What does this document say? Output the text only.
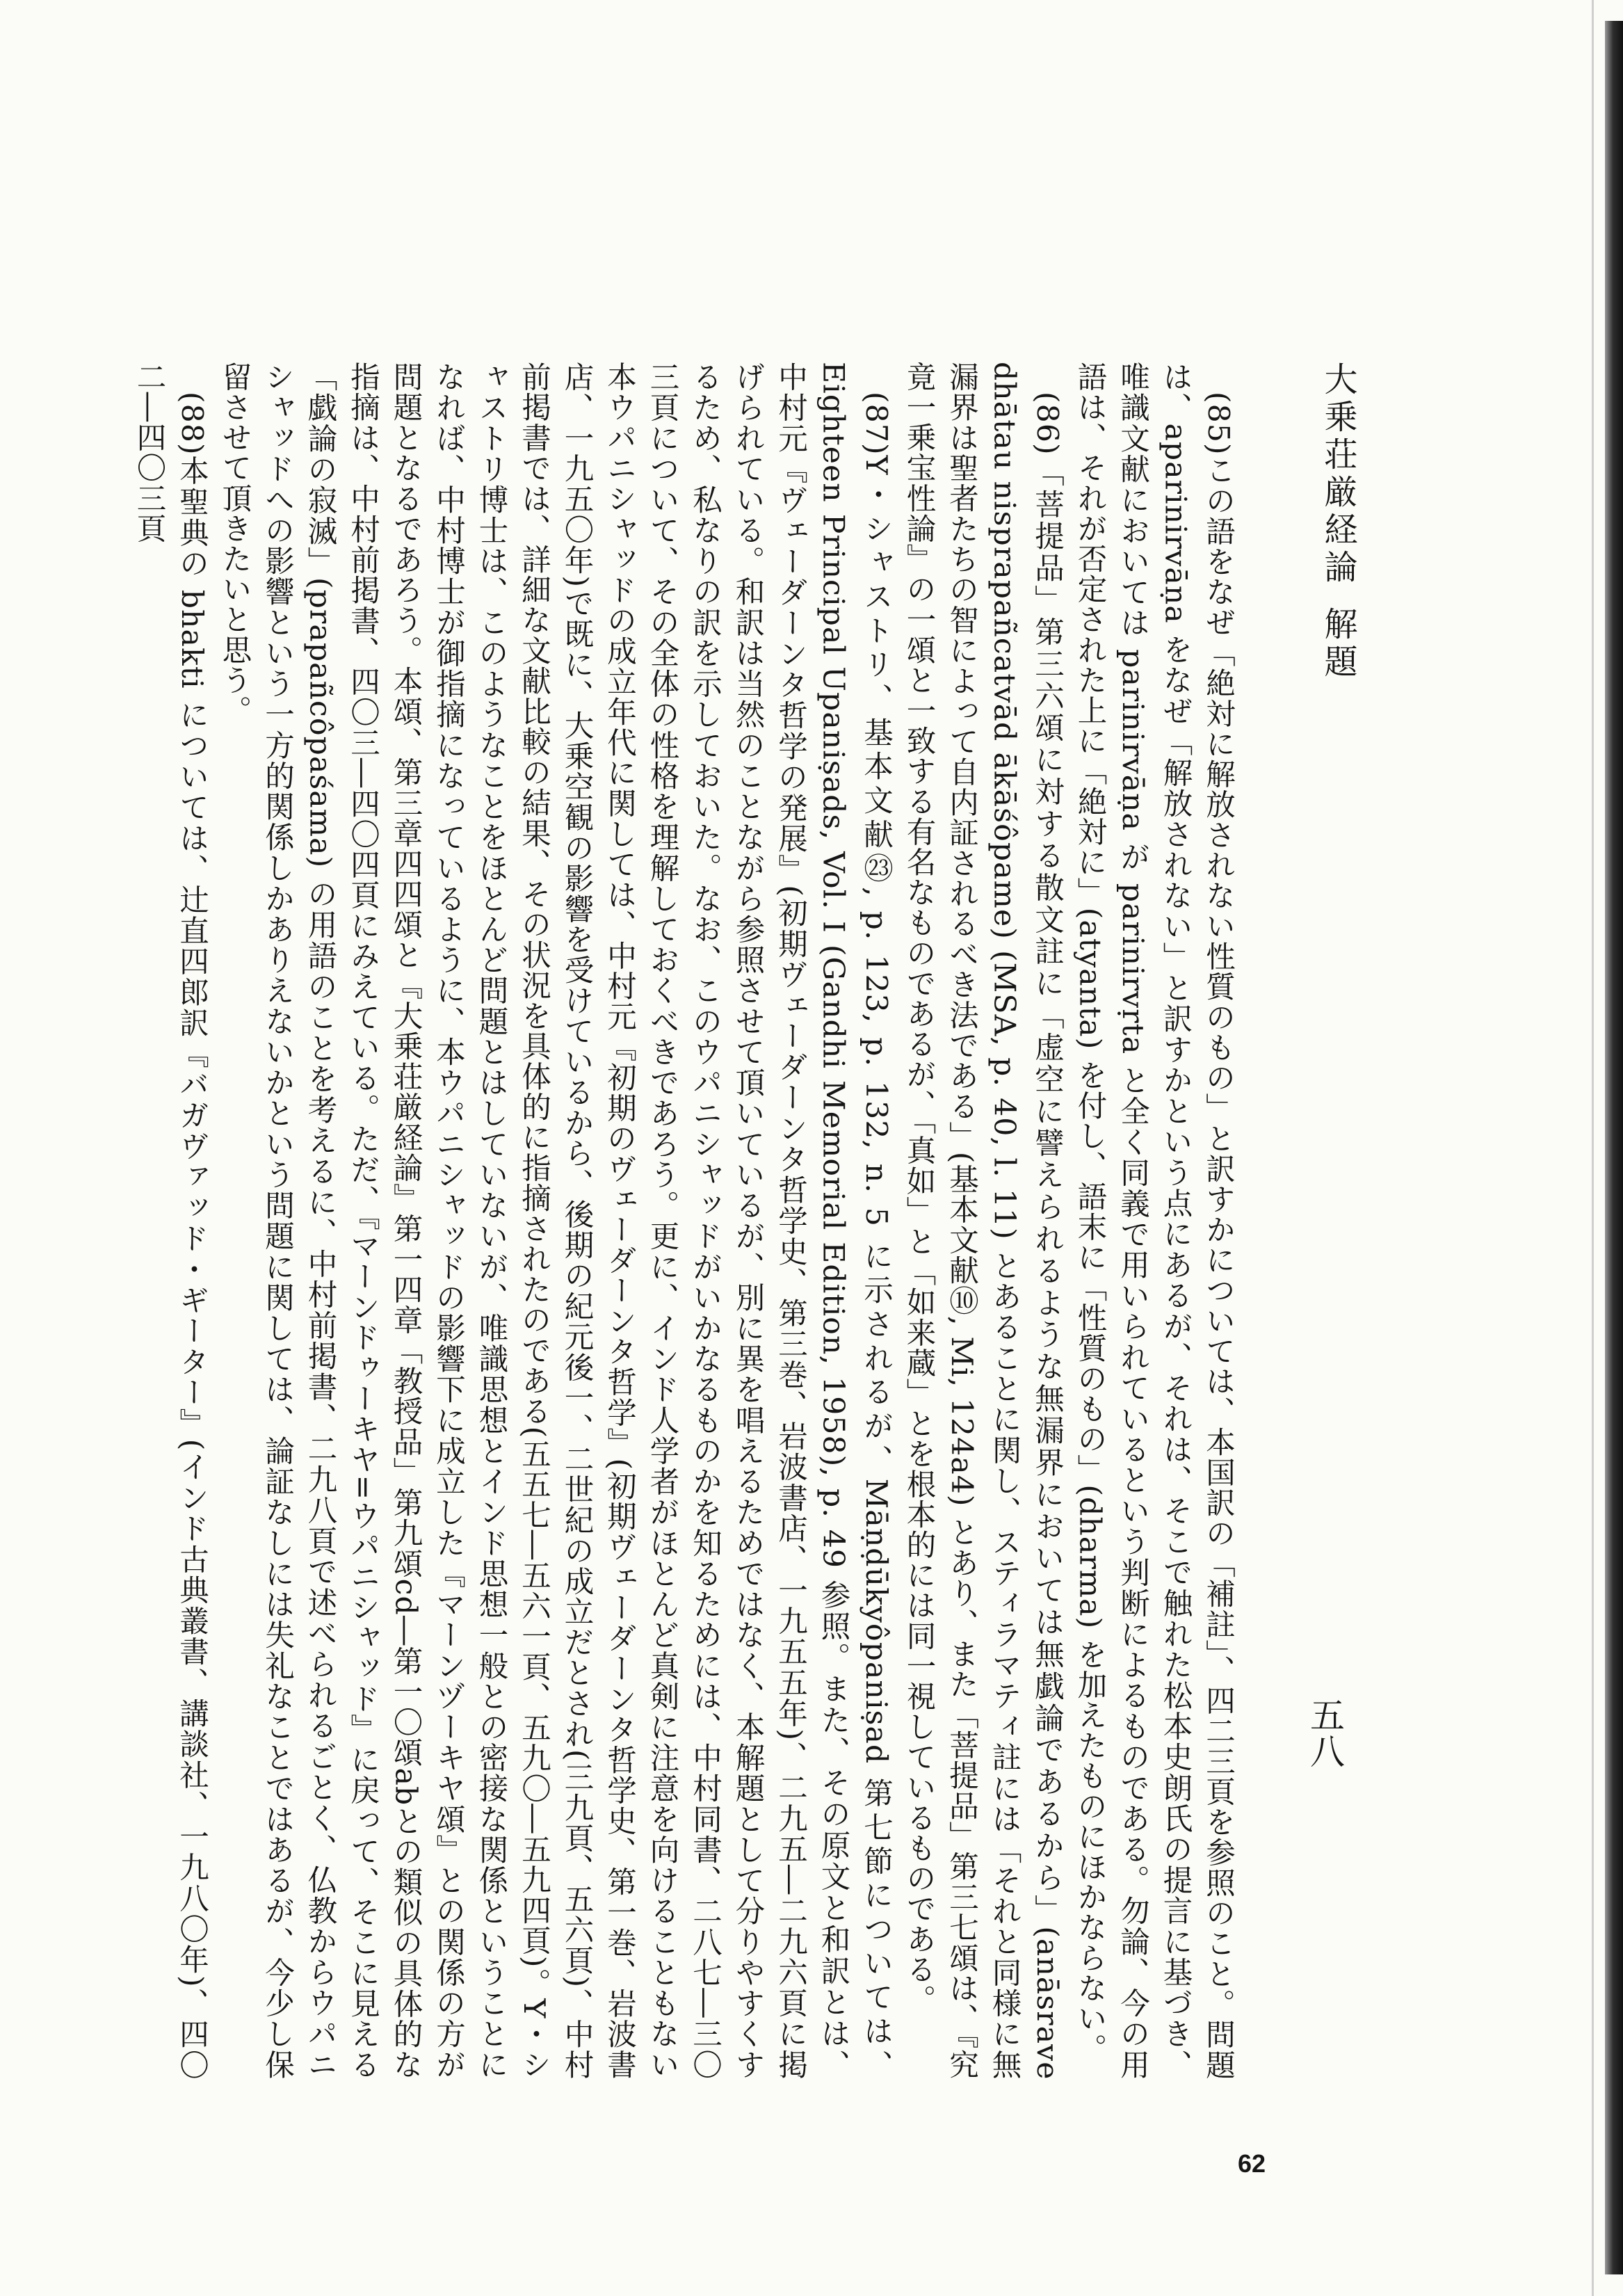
大乗荘厳経論解題
五八

(85)この語をなぜ「絶対に解放されない性質のもの」と訳すかについては、本国訳の「補註」、四二三頁を参照のこと。問題は、aparinirvāṇa をなぜ「解放されない」と訳すかという点にあるが、それは、そこで触れた松本史朗氏の提言に基づき、唯識文献においては parinirvāṇa が parinirvṛta と全く同義で用いられているという判断によるものである。勿論、今の用語は、それが否定された上に「絶対に」(atyanta) を付し、語末に「性質のもの」(dharma) を加えたものにほかならない。

(86)「菩提品」第三六頌に対する散文註に「虚空に譬えられるような無漏界においては無戯論であるから」(anāsrave dhātau nisprapañcatvād ākāśôpame) (MSA, p. 40, l. 11) とあることに関し、スティラマティ註には「それと同様に無漏界は聖者たちの智によって自内証されるべき法である」(基本文献⑩, Mi, 124a4) とあり、また「菩提品」第三七頌は、『究竟一乗宝性論』の一頌と一致する有名なものであるが、「真如」と「如来蔵」とを根本的には同一視しているものである。

(87)Y・シャストリ、基本文献㉓, p. 123, p. 132, n. 5 に示されるが、Māṇḍūkyôpaniṣad 第七節については、Eighteen Principal Upaniṣads, Vol. I (Gandhi Memorial Edition, 1958), p. 49 参照。また、その原文と和訳とは、中村元『ヴェーダーンタ哲学の発展』(初期ヴェーダーンタ哲学史、第三巻、岩波書店、一九五五年)、二九五―二九六頁に掲げられている。和訳は当然のことながら参照させて頂いているが、別に異を唱えるためではなく、本解題として分りやすくするため、私なりの訳を示しておいた。なお、このウパニシャッドがいかなるものかを知るためには、中村同書、二八七―三〇三頁について、その全体の性格を理解しておくべきであろう。更に、インド人学者がほとんど真剣に注意を向けることもない本ウパニシャッドの成立年代に関しては、中村元『初期のヴェーダーンタ哲学』(初期ヴェーダーンタ哲学史、第一巻、岩波書店、一九五〇年)で既に、大乗空観の影響を受けているから、後期の紀元後一、二世紀の成立だとされ(三九頁、五六頁)、中村前掲書では、詳細な文献比較の結果、その状況を具体的に指摘されたのである(五五七―五六一頁、五九〇―五九四頁)。Y・シャストリ博士は、このようなことをほとんど問題とはしていないが、唯識思想とインド思想一般との密接な関係ということになれば、中村博士が御指摘になっているように、本ウパニシャッドの影響下に成立した『マーンヅーキヤ頌』との関係の方が問題となるであろう。本頌、第三章四四頌と『大乗荘厳経論』第一四章「教授品」第九頌cd―第一〇頌abとの類似の具体的な指摘は、中村前掲書、四〇三―四〇四頁にみえている。ただ、『マーンドゥーキヤ=ウパニシャッド』に戻って、そこに見える「戯論の寂滅」(prapañcôpaśama) の用語のことを考えるに、中村前掲書、二九八頁で述べられるごとく、仏教からウパニシャッドへの影響という一方的関係しかありえないかという問題に関しては、論証なしには失礼なことではあるが、今少し保留させて頂きたいと思う。

(88)本聖典の bhakti については、辻直四郎訳『バガヴァッド・ギーター』(インド古典叢書、講談社、一九八〇年)、四〇二―四〇三頁

62
